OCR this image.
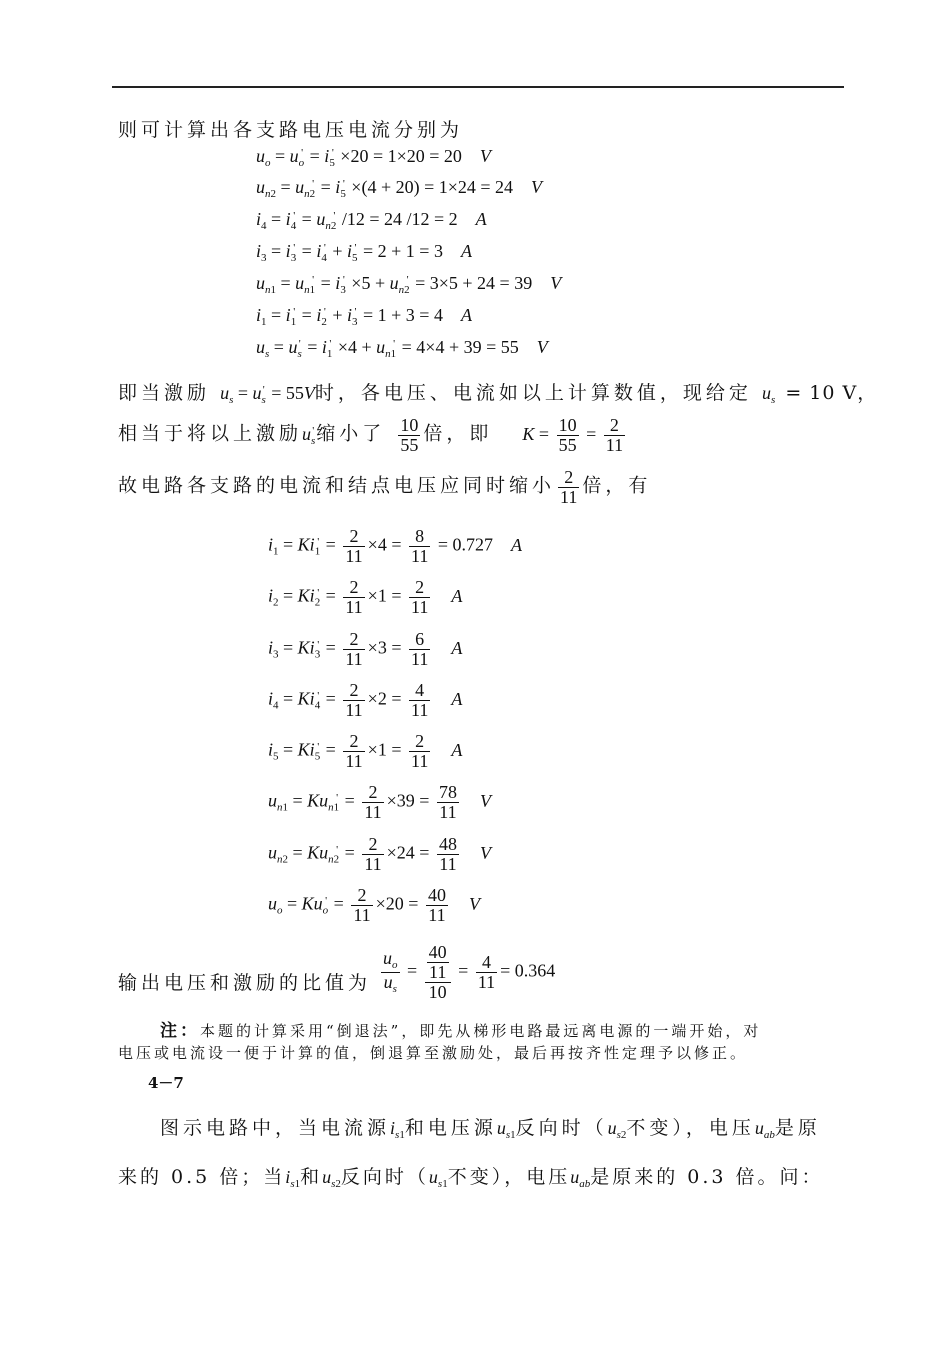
则可计算出各支路电压电流分别为
$u_o = u_o' = i_5' \times 20 = 1\times 20 = 20$ V
$u_{n2} = u_{n2}' = i_5' \times(4 + 20) = 1\times 24 = 24$ V
$i_4 = i_4' = u_{n2}'$ /12 = 24 /12 = 2 A
$i_3 = i_3' = i_4' + i_5' = 2 + 1 = 3$ A
$u_{n1} = u_{n1}' = i_3' \times 5 + u_{n2}' = 3\times 5 + 24 = 39$ V
$i_1 = i_1' = i_2' + i_3' = 1 + 3 = 4$ A
$u_s = u_s' = i_1' \times 4 + u_{n1}' = 4\times 4 + 39 = 55$ V
即当激励 $u_s = u_s' = 55V$时，各电压、电流如以上计算数值，现给定 $u_s = 10$ V，
相当于将以上激励$u_s'$ 缩小了 $\frac{10}{55}$ 倍，即 $K = \frac{10}{55} = \frac{2}{11}$
故电路各支路的电流和结点电压应同时缩小 $\frac{2}{11}$ 倍，有
$i_1 = Ki_1' = \frac{2}{11} \times 4 = \frac{8}{11} = 0.727$ A
$i_2 = Ki_2' = \frac{2}{11} \times 1 = \frac{2}{11}$ A
$i_3 = Ki_3' = \frac{2}{11} \times 3 = \frac{6}{11}$ A
$i_4 = Ki_4' = \frac{2}{11} \times 2 = \frac{4}{11}$ A
$i_5 = Ki_5' = \frac{2}{11} \times 1 = \frac{2}{11}$ A
$u_{n1} = Ku_{n1}' = \frac{2}{11} \times 39 = \frac{78}{11}$ V
$u_{n2} = Ku_{n2}' = \frac{2}{11} \times 24 = \frac{48}{11}$ V
$u_o = Ku_o' = \frac{2}{11} \times 20 = \frac{40}{11}$ V
输出电压和激励的比值为 $\frac{u_o}{u_s} = \frac{\frac{40}{11}}{10} = \frac{4}{11} = 0.364$
注：本题的计算采用“倒退法”，即先从梯形电路最远离电源的一端开始，对
电压或电流设一便于计算的值，倒退算至激励处，最后再按齐性定理予以修正。
4－7
图示电路中，当电流源$i_{s1}$和电压源$u_{s1}$反向时（$u_{s2}$不变），电压$u_{ab}$是原
来的 0.5 倍；当$i_{s1}$和$u_{s2}$反向时（$u_{s1}$不变），电压$u_{ab}$是原来的 0.3 倍。问：
